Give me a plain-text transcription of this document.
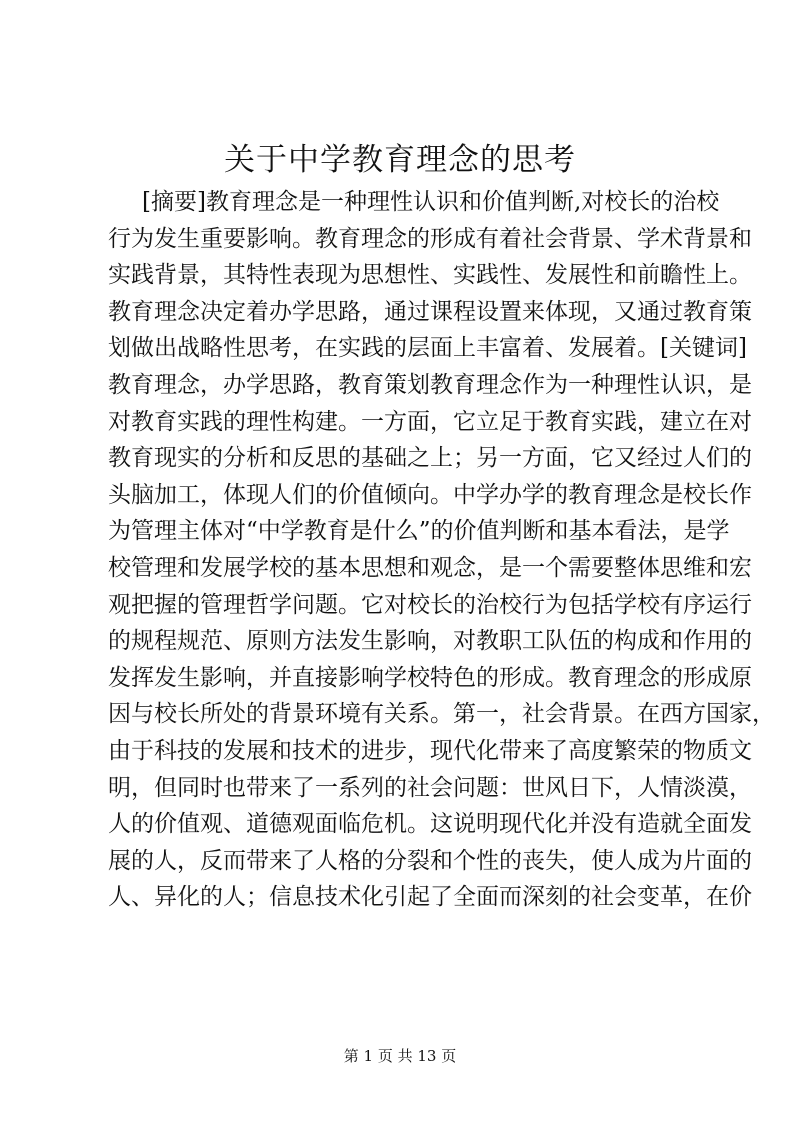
关于中学教育理念的思考
[摘要]教育理念是一种理性认识和价值判断,对校长的治校
行为发生重要影响。教育理念的形成有着社会背景、学术背景和
实践背景，其特性表现为思想性、实践性、发展性和前瞻性上。
教育理念决定着办学思路，通过课程设置来体现，又通过教育策
划做出战略性思考，在实践的层面上丰富着、发展着。[关键词]
教育理念，办学思路，教育策划教育理念作为一种理性认识，是
对教育实践的理性构建。一方面，它立足于教育实践，建立在对
教育现实的分析和反思的基础之上；另一方面，它又经过人们的
头脑加工，体现人们的价值倾向。中学办学的教育理念是校长作
为管理主体对“中学教育是什么”的价值判断和基本看法，是学
校管理和发展学校的基本思想和观念，是一个需要整体思维和宏
观把握的管理哲学问题。它对校长的治校行为包括学校有序运行
的规程规范、原则方法发生影响，对教职工队伍的构成和作用的
发挥发生影响，并直接影响学校特色的形成。教育理念的形成原
因与校长所处的背景环境有关系。第一，社会背景。在西方国家，
由于科技的发展和技术的进步，现代化带来了高度繁荣的物质文
明，但同时也带来了一系列的社会问题：世风日下，人情淡漠，
人的价值观、道德观面临危机。这说明现代化并没有造就全面发
展的人，反而带来了人格的分裂和个性的丧失，使人成为片面的
人、异化的人；信息技术化引起了全面而深刻的社会变革，在价
第 1 页 共 13 页
